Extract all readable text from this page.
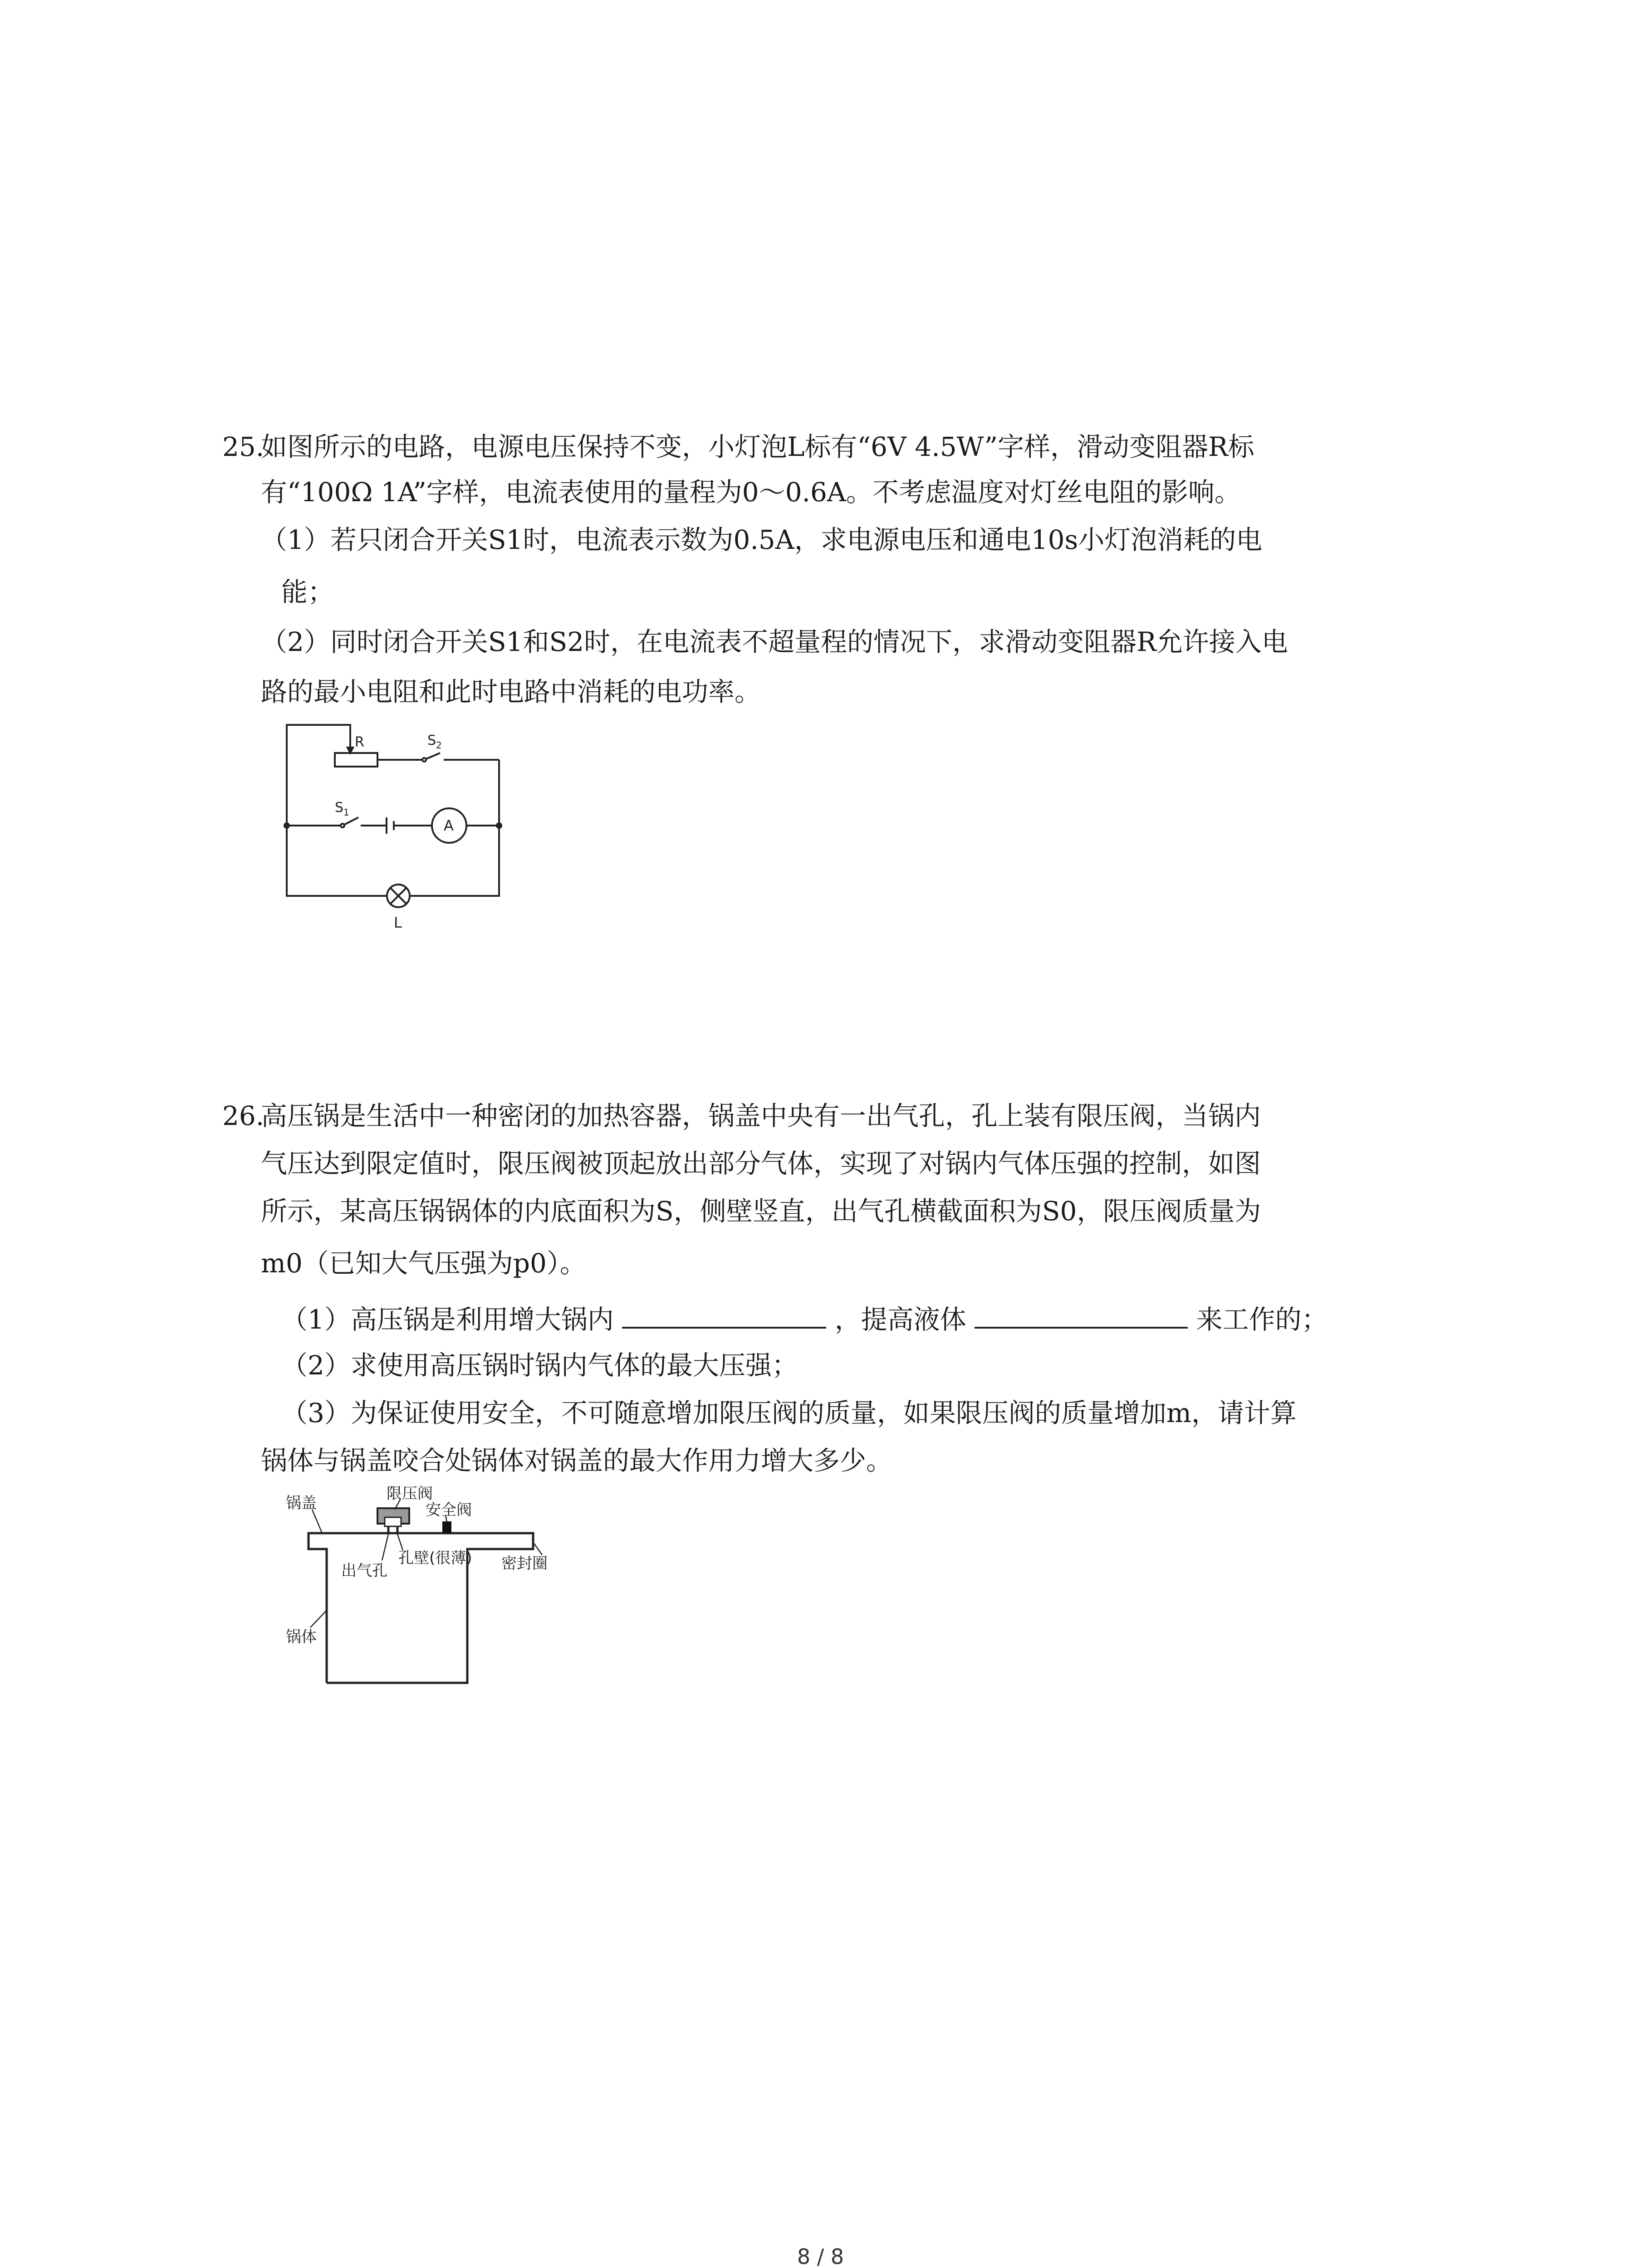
25.
如图所示的电路，电源电压保持不变，小灯泡L标有“6V 4.5W”字样，滑动变阻器R标
有“100Ω 1A”字样，电流表使用的量程为0～0.6A。不考虑温度对灯丝电阻的影响。
（1）若只闭合开关S1时，电流表示数为0.5A，求电源电压和通电10s小灯泡消耗的电
能；
（2）同时闭合开关S1和S2时，在电流表不超量程的情况下，求滑动变阻器R允许接入电
路的最小电阻和此时电路中消耗的电功率。
R	S 2
S 1
A
L
26.
高压锅是生活中一种密闭的加热容器，锅盖中央有一出气孔，孔上装有限压阀，当锅内
气压达到限定值时，限压阀被顶起放出部分气体，实现了对锅内气体压强的控制，如图
所示，某高压锅锅体的内底面积为S，侧壁竖直，出气孔横截面积为S0，限压阀质量为
m0（已知大气压强为p0）。
（1）高压锅是利用增大锅内	，提高液体	来工作的；
（2）求使用高压锅时锅内气体的最大压强；
（3）为保证使用安全，不可随意增加限压阀的质量，如果限压阀的质量增加m，请计算
锅体与锅盖咬合处锅体对锅盖的最大作用力增大多少。
锅盖
限压阀
安全阀
孔壁(很薄)
出气孔	密封圈
锅体
8 / 8
